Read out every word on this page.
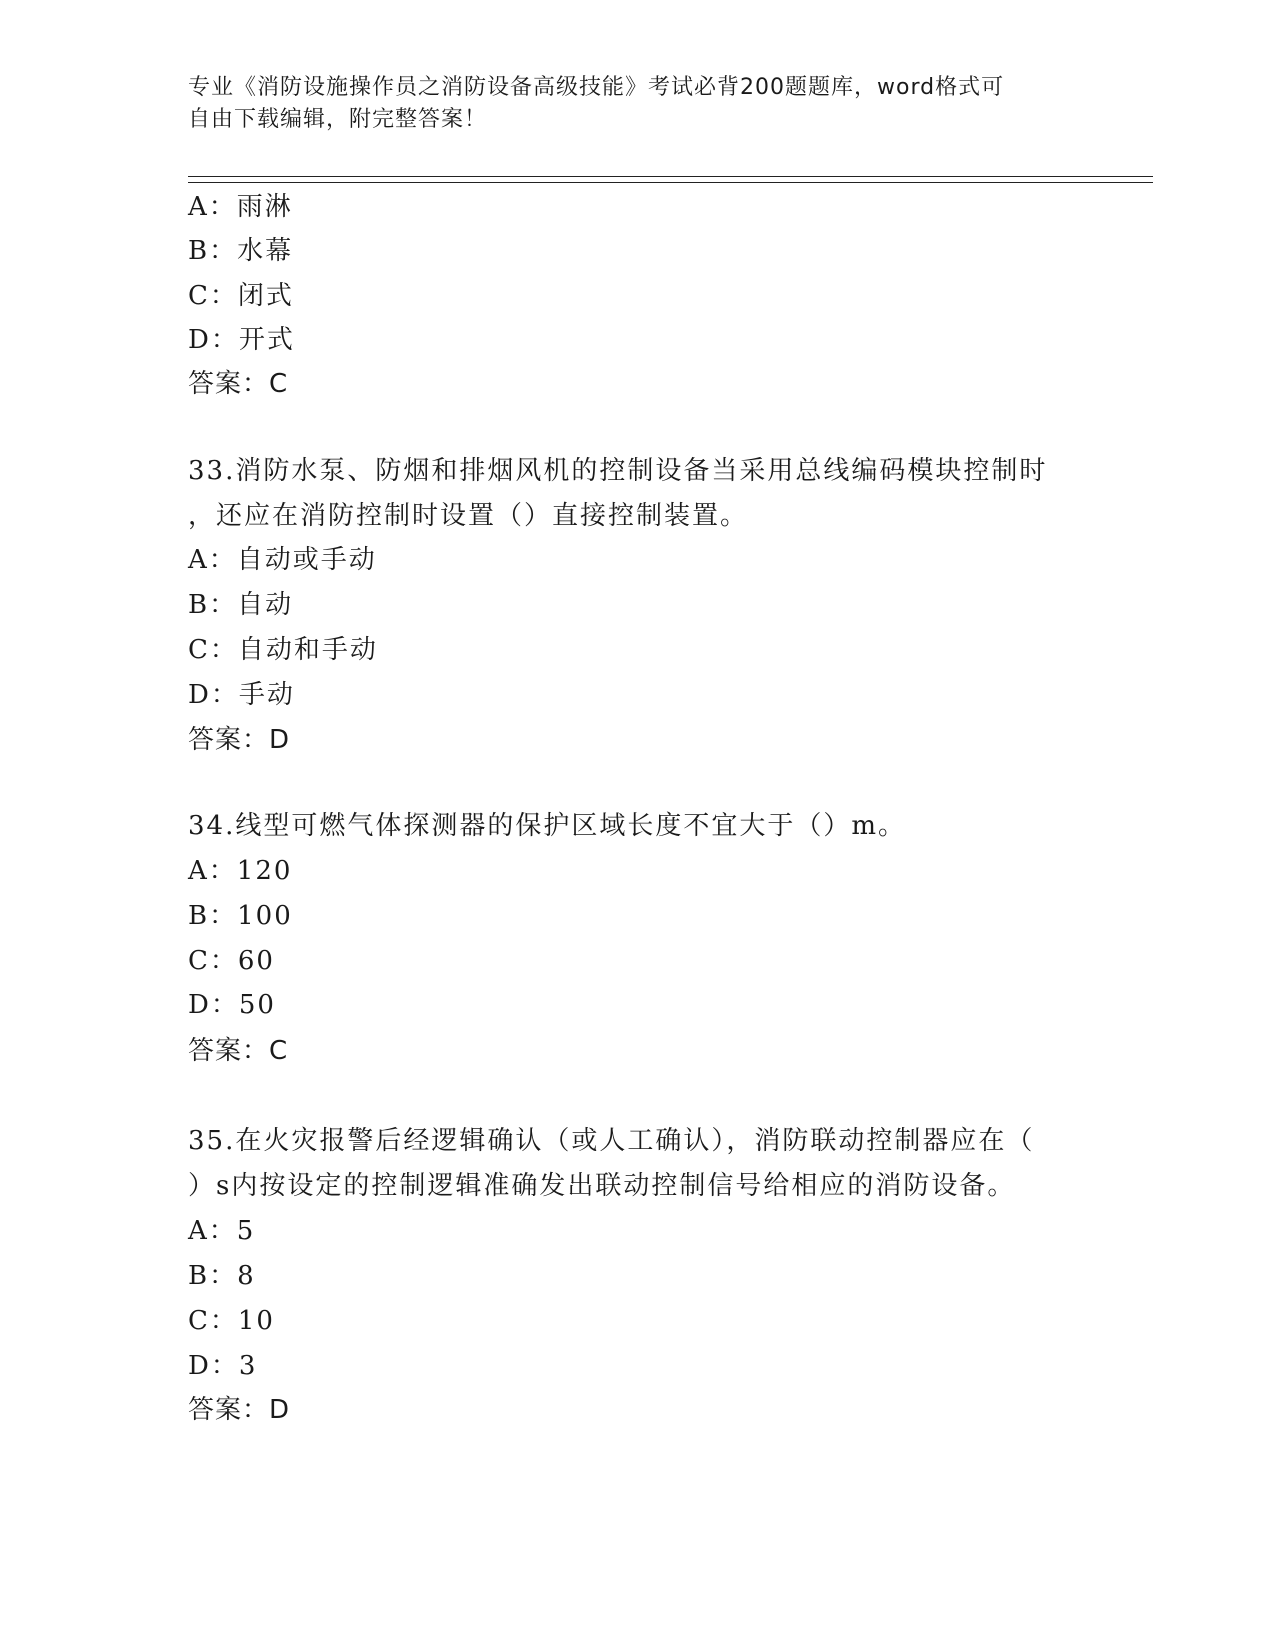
专业《消防设施操作员之消防设备高级技能》考试必背200题题库，word格式可
自由下载编辑，附完整答案！
A：雨淋
B：水幕
C：闭式
D：开式
答案：C
33.消防水泵、防烟和排烟风机的控制设备当采用总线编码模块控制时
，还应在消防控制时设置（）直接控制装置。
A：自动或手动
B：自动
C：自动和手动
D：手动
答案：D
34.线型可燃气体探测器的保护区域长度不宜大于（）m。
A：120
B：100
C：60
D：50
答案：C
35.在火灾报警后经逻辑确认（或人工确认），消防联动控制器应在（
）s内按设定的控制逻辑准确发出联动控制信号给相应的消防设备。
A：5
B：8
C：10
D：3
答案：D
